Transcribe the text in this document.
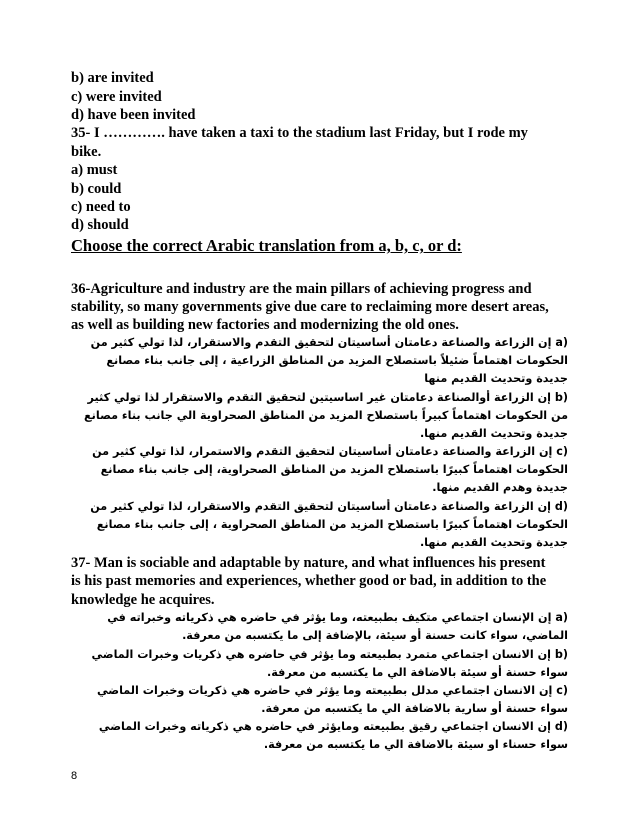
b) are invited
c) were invited
d) have been invited
35- I …………. have taken a taxi to the stadium last Friday, but I rode my
bike.
a) must
b) could
c) need to
d) should
Choose the correct Arabic translation from a, b, c, or d:
36-Agriculture and industry are the main pillars of achieving progress and
stability, so many governments give due care to reclaiming more desert areas,
as well as building new factories and modernizing the old ones.
a) إن الزراعة والصناعة دعامتان أساسيتان لتحقيق التقدم والاستقرار، لذا تولي كثير من الحكومات اهتماماً ضئيلاً باستصلاح المزيد من المناطق الزراعية ، إلى جانب بناء مصانع جديدة وتحديث القديم منها
b) إن الزراعة أوالصناعة دعامتان غير اساسيتين لتحقيق التقدم والاستقرار لذا تولي كثير من الحكومات اهتماماً كبيراً باستصلاح المزيد من المناطق الصحراوية الي جانب بناء مصانع جديدة وتحديث القديم منها.
c) إن الزراعة والصناعة دعامتان أساسيتان لتحقيق التقدم والاستمرار، لذا تولي كثير من الحكومات اهتماماً كبيرًا باستصلاح المزيد من المناطق الصحراوية، إلى جانب بناء مصانع جديدة وهدم القديم منها.
d) إن الزراعة والصناعة دعامتان أساسيتان لتحقيق التقدم والاستقرار، لذا تولي كثير من الحكومات اهتماماً كبيرًا باستصلاح المزيد من المناطق الصحراوية ، إلى جانب بناء مصانع جديدة وتحديث القديم منها.
37- Man is sociable and adaptable by nature, and what influences his present
is his past memories and experiences, whether good or bad, in addition to the
knowledge he acquires.
a) إن الإنسان اجتماعي متكيف بطبيعته، وما يؤثر في حاضره هي ذكرياته وخبراته في الماضي، سواء كانت حسنة أو سيئة، بالإضافة إلى ما يكتسبه من معرفة.
b) إن الانسان اجتماعي متمرد بطبيعته وما يؤثر في حاضره هي ذكريات وخبرات الماضي سواء حسنة أو سيئة بالاضافة الي ما يكتسبه من معرفة.
c) إن الانسان اجتماعي مدلل بطبيعته وما يؤثر في حاضره هي ذكريات وخبرات الماضي سواء حسنة أو سارية بالاضافة الي ما يكتسبه من معرفة.
d) إن الانسان اجتماعي رقيق بطبيعته ومايؤثر في حاضره هي ذكرياته وخبرات الماضي سواء حسناء او سيئة بالاضافة الي ما يكتسبه من معرفة.
8
